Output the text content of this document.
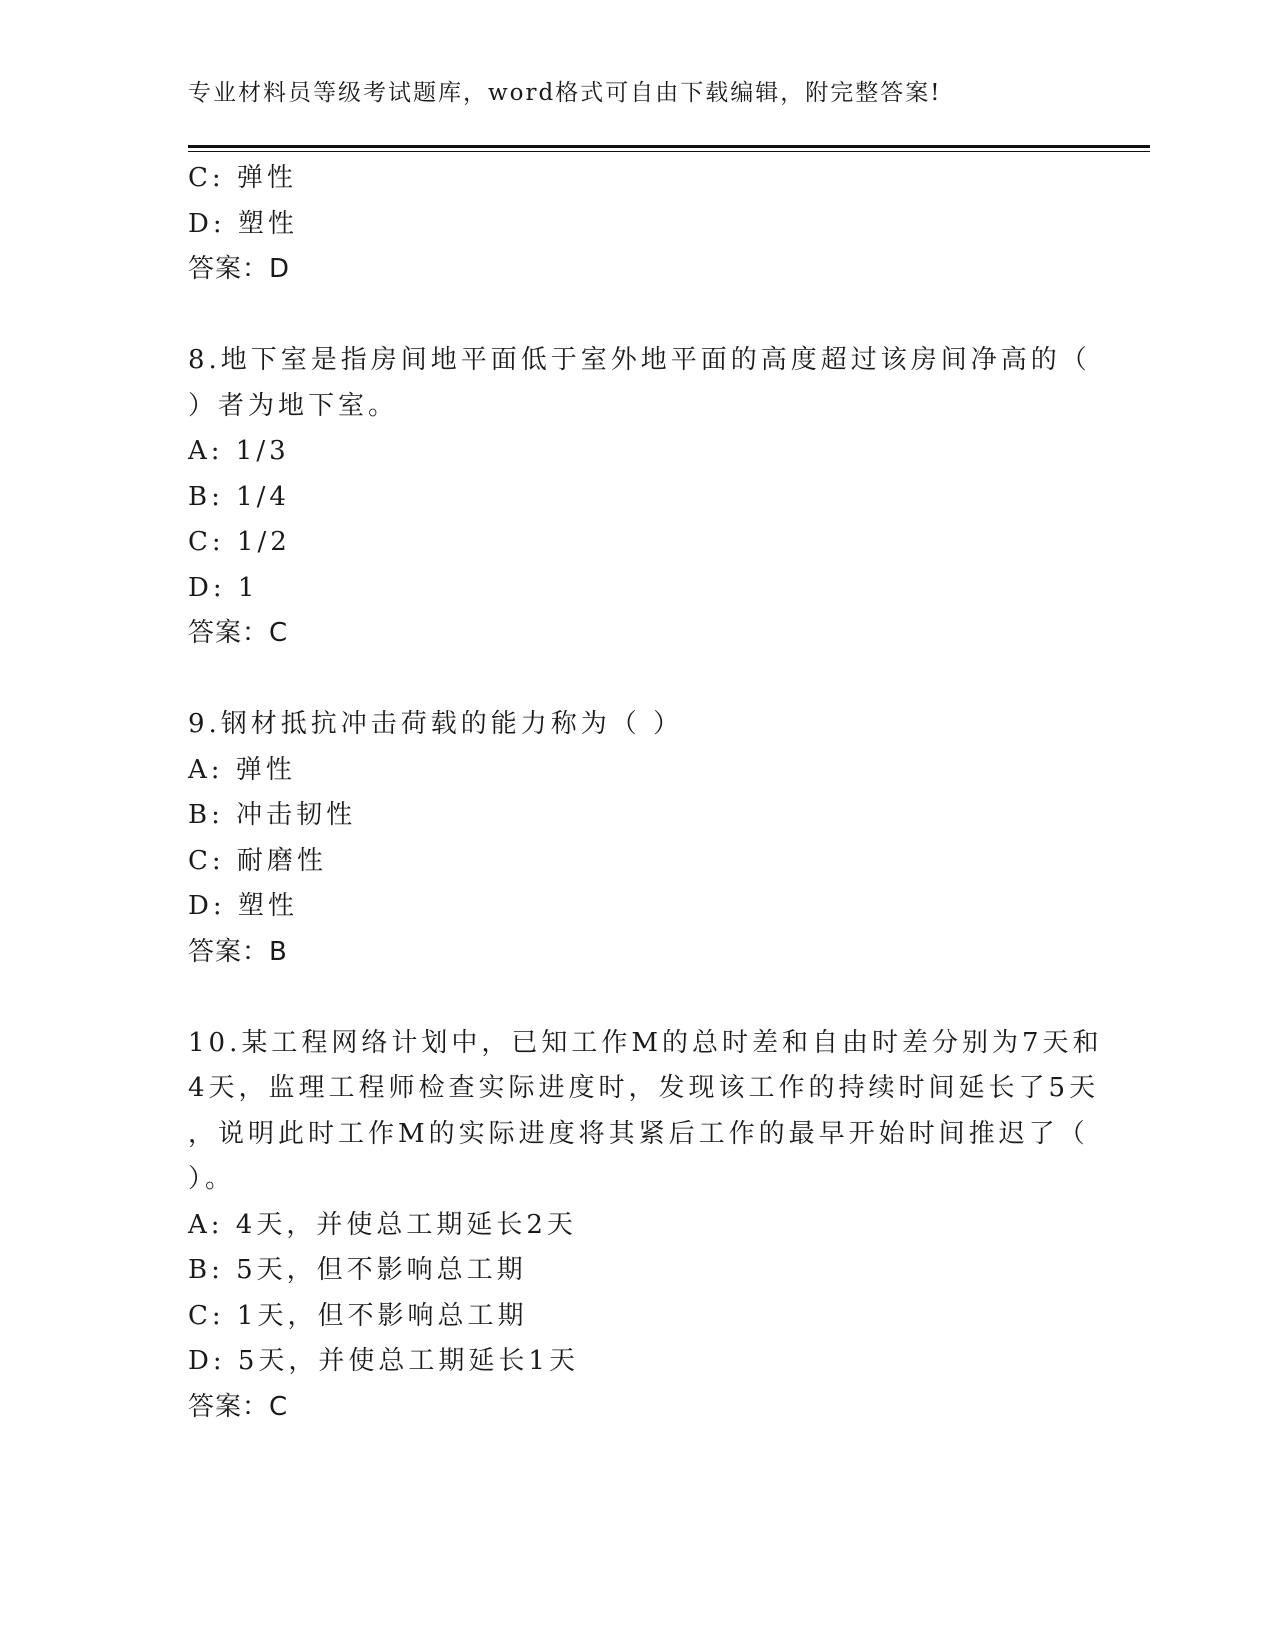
专业材料员等级考试题库，word格式可自由下载编辑，附完整答案!
C: 弹性
D: 塑性
答案：D
8.地下室是指房间地平面低于室外地平面的高度超过该房间净高的（
）者为地下室。
A: 1/3
B: 1/4
C: 1/2
D: 1
答案：C
9.钢材抵抗冲击荷载的能力称为（ ）
A: 弹性
B: 冲击韧性
C: 耐磨性
D: 塑性
答案：B
10.某工程网络计划中，已知工作M的总时差和自由时差分别为7天和
4天，监理工程师检查实际进度时，发现该工作的持续时间延长了5天
，说明此时工作M的实际进度将其紧后工作的最早开始时间推迟了（
）。
A: 4天，并使总工期延长2天
B: 5天，但不影响总工期
C: 1天，但不影响总工期
D: 5天，并使总工期延长1天
答案：C
